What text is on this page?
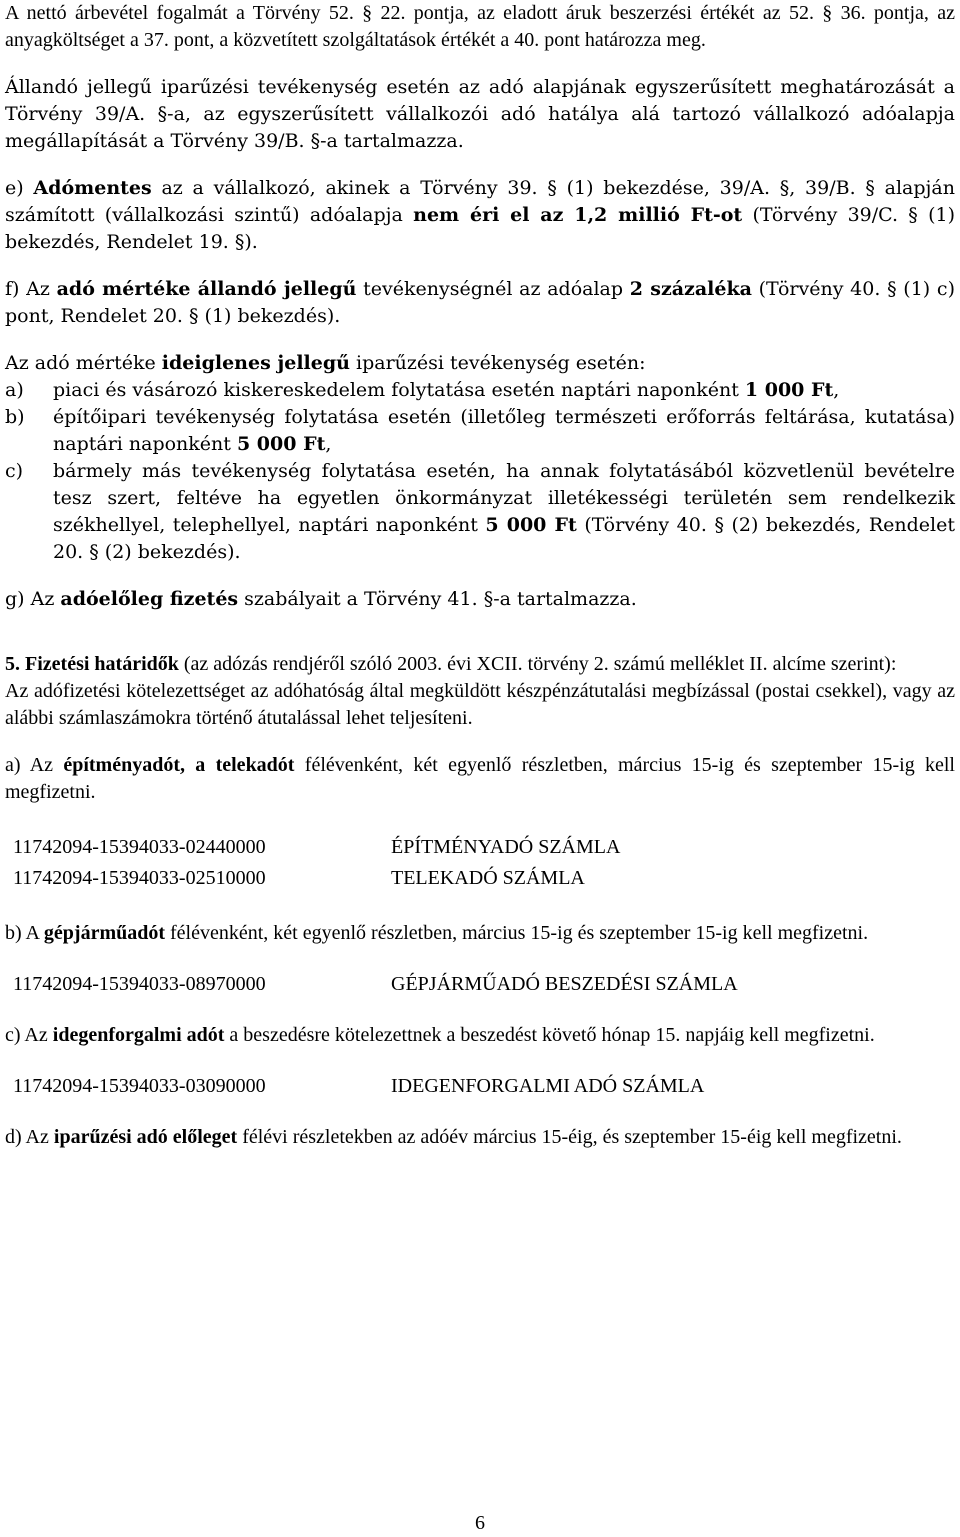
A nettó árbevétel fogalmát a Törvény 52. § 22. pontja, az eladott áruk beszerzési értékét az 52. § 36. pontja, az anyagköltséget a 37. pont, a közvetített szolgáltatások értékét a 40. pont határozza meg.

Állandó jellegű iparűzési tevékenység esetén az adó alapjának egyszerűsített meghatározását a Törvény 39/A. §-a, az egyszerűsített vállalkozói adó hatálya alá tartozó vállalkozó adóalapja megállapítását a Törvény 39/B. §-a tartalmazza.

e) Adómentes az a vállalkozó, akinek a Törvény 39. § (1) bekezdése, 39/A. §, 39/B. § alapján számított (vállalkozási szintű) adóalapja nem éri el az 1,2 millió Ft-ot (Törvény 39/C. § (1) bekezdés, Rendelet 19. §).

f) Az adó mértéke állandó jellegű tevékenységnél az adóalap 2 százaléka (Törvény 40. § (1) c) pont, Rendelet 20. § (1) bekezdés).

Az adó mértéke ideiglenes jellegű iparűzési tevékenység esetén:

a)	piaci és vásározó kiskereskedelem folytatása esetén naptári naponként 1 000 Ft,
b)	építőipari tevékenység folytatása esetén (illetőleg természeti erőforrás feltárása, kutatása) naptári naponként 5 000 Ft,
c)	bármely más tevékenység folytatása esetén, ha annak folytatásából közvetlenül bevételre tesz szert, feltéve ha egyetlen önkormányzat illetékességi területén sem rendelkezik székhellyel, telephellyel, naptári naponként 5 000 Ft (Törvény 40. § (2) bekezdés, Rendelet 20. § (2) bekezdés).

g) Az adóelőleg fizetés szabályait a Törvény 41. §-a tartalmazza.

5. Fizetési határidők (az adózás rendjéről szóló 2003. évi XCII. törvény 2. számú melléklet II. alcíme szerint):

Az adófizetési kötelezettséget az adóhatóság által megküldött készpénzátutalási megbízással (postai csekkel), vagy az alábbi számlaszámokra történő átutalással lehet teljesíteni.

a) Az építményadót, a telekadót félévenként, két egyenlő részletben, március 15-ig és szeptember 15-ig kell megfizetni.

11742094-15394033-02440000	ÉPÍTMÉNYADÓ SZÁMLA
11742094-15394033-02510000	TELEKADÓ SZÁMLA

b) A gépjárműadót félévenként, két egyenlő részletben, március 15-ig és szeptember 15-ig kell megfizetni.

11742094-15394033-08970000	GÉPJÁRMŰADÓ BESZEDÉSI SZÁMLA

c) Az idegenforgalmi adót a beszedésre kötelezettnek a beszedést követő hónap 15. napjáig kell megfizetni.

11742094-15394033-03090000	IDEGENFORGALMI ADÓ SZÁMLA

d) Az iparűzési adó előleget félévi részletekben az adóév március 15-éig, és szeptember 15-éig kell megfizetni.

6
